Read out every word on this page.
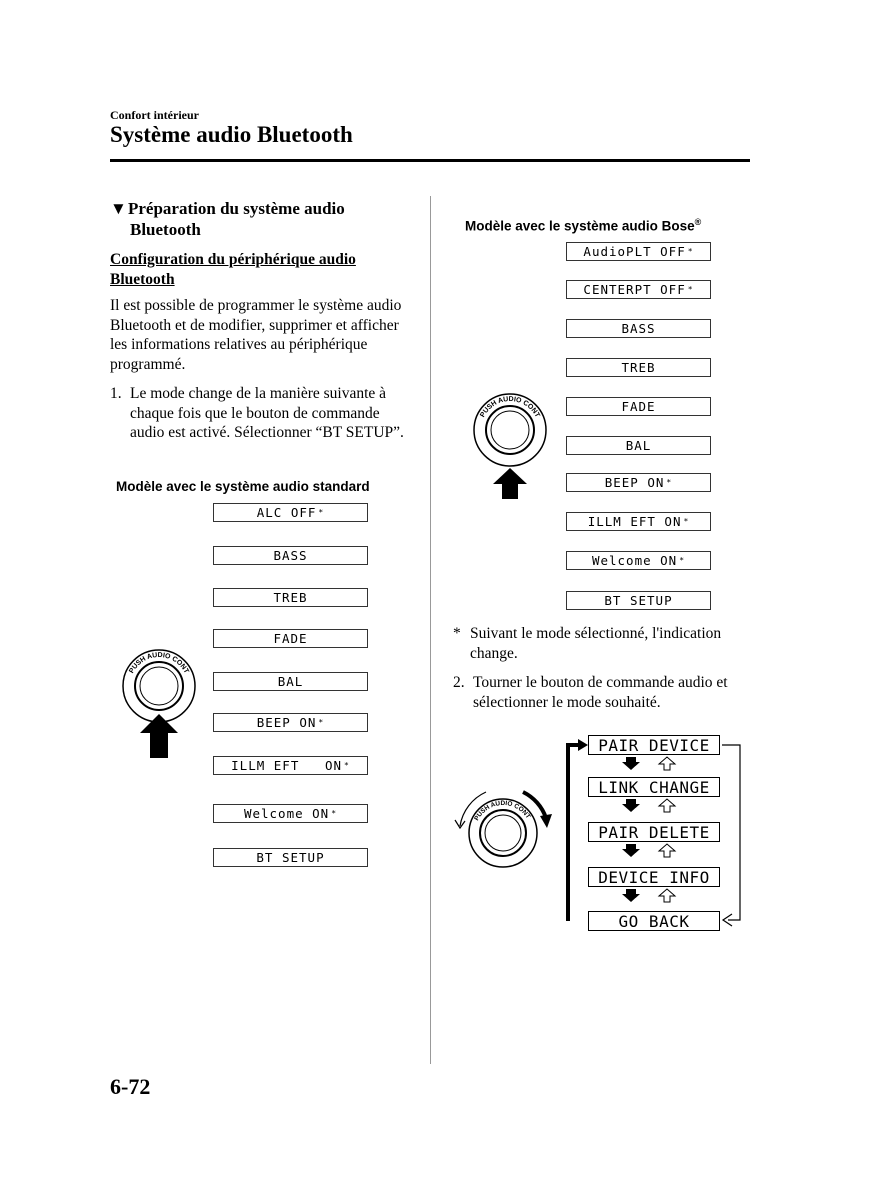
Confort intérieur
Système audio Bluetooth
▼Préparation du système audio
Bluetooth
Configuration du périphérique audio Bluetooth
Il est possible de programmer le système audio Bluetooth et de modifier, supprimer et afficher les informations relatives au périphérique programmé.
1. Le mode change de la manière suivante à chaque fois que le bouton de commande audio est activé. Sélectionner “BT SETUP”.
Modèle avec le système audio standard
ALC OFF *
BASS
TREB
FADE
BAL
BEEP ON *
ILLM EFT   ON *
Welcome ON *
BT SETUP
PUSH AUDIO CONT
Modèle avec le système audio Bose®
AudioPLT OFF *
CENTERPT OFF *
BASS
TREB
FADE
BAL
BEEP ON *
ILLM EFT ON *
Welcome ON *
BT SETUP
PUSH AUDIO CONT
* Suivant le mode sélectionné, l'indication change.
2. Tourner le bouton de commande audio et sélectionner le mode souhaité.
PUSH AUDIO CONT
PAIR DEVICE
LINK CHANGE
PAIR DELETE
DEVICE INFO
GO BACK
6-72
